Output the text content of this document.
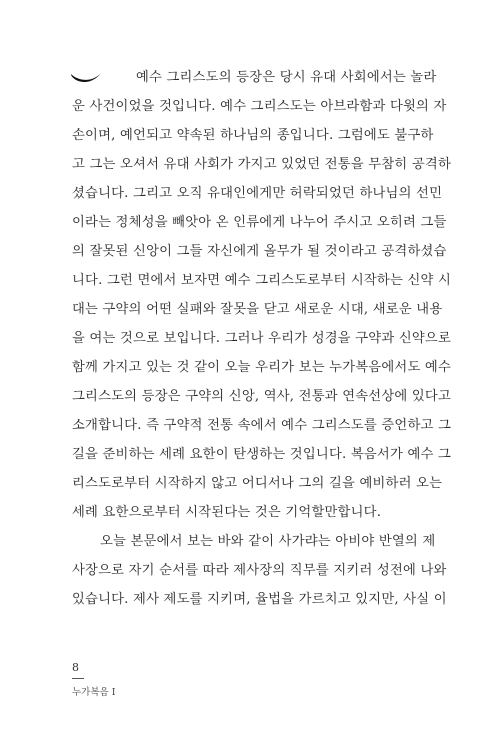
예수 그리스도의 등장은 당시 유대 사회에서는 놀라
운 사건이었을 것입니다. 예수 그리스도는 아브라함과 다윗의 자
손이며, 예언되고 약속된 하나님의 종입니다. 그럼에도 불구하
고 그는 오셔서 유대 사회가 가지고 있었던 전통을 무참히 공격하
셨습니다. 그리고 오직 유대인에게만 허락되었던 하나님의 선민
이라는 정체성을 빼앗아 온 인류에게 나누어 주시고 오히려 그들
의 잘못된 신앙이 그들 자신에게 올무가 될 것이라고 공격하셨습
니다. 그런 면에서 보자면 예수 그리스도로부터 시작하는 신약 시
대는 구약의 어떤 실패와 잘못을 닫고 새로운 시대, 새로운 내용
을 여는 것으로 보입니다. 그러나 우리가 성경을 구약과 신약으로
함께 가지고 있는 것 같이 오늘 우리가 보는 누가복음에서도 예수
그리스도의 등장은 구약의 신앙, 역사, 전통과 연속선상에 있다고
소개합니다. 즉 구약적 전통 속에서 예수 그리스도를 증언하고 그
길을 준비하는 세례 요한이 탄생하는 것입니다. 복음서가 예수 그
리스도로부터 시작하지 않고 어디서나 그의 길을 예비하러 오는
세례 요한으로부터 시작된다는 것은 기억할만합니다.
오늘 본문에서 보는 바와 같이 사가랴는 아비야 반열의 제
사장으로 자기 순서를 따라 제사장의 직무를 지키러 성전에 나와
있습니다. 제사 제도를 지키며, 율법을 가르치고 있지만, 사실 이
8
누가복음 I
